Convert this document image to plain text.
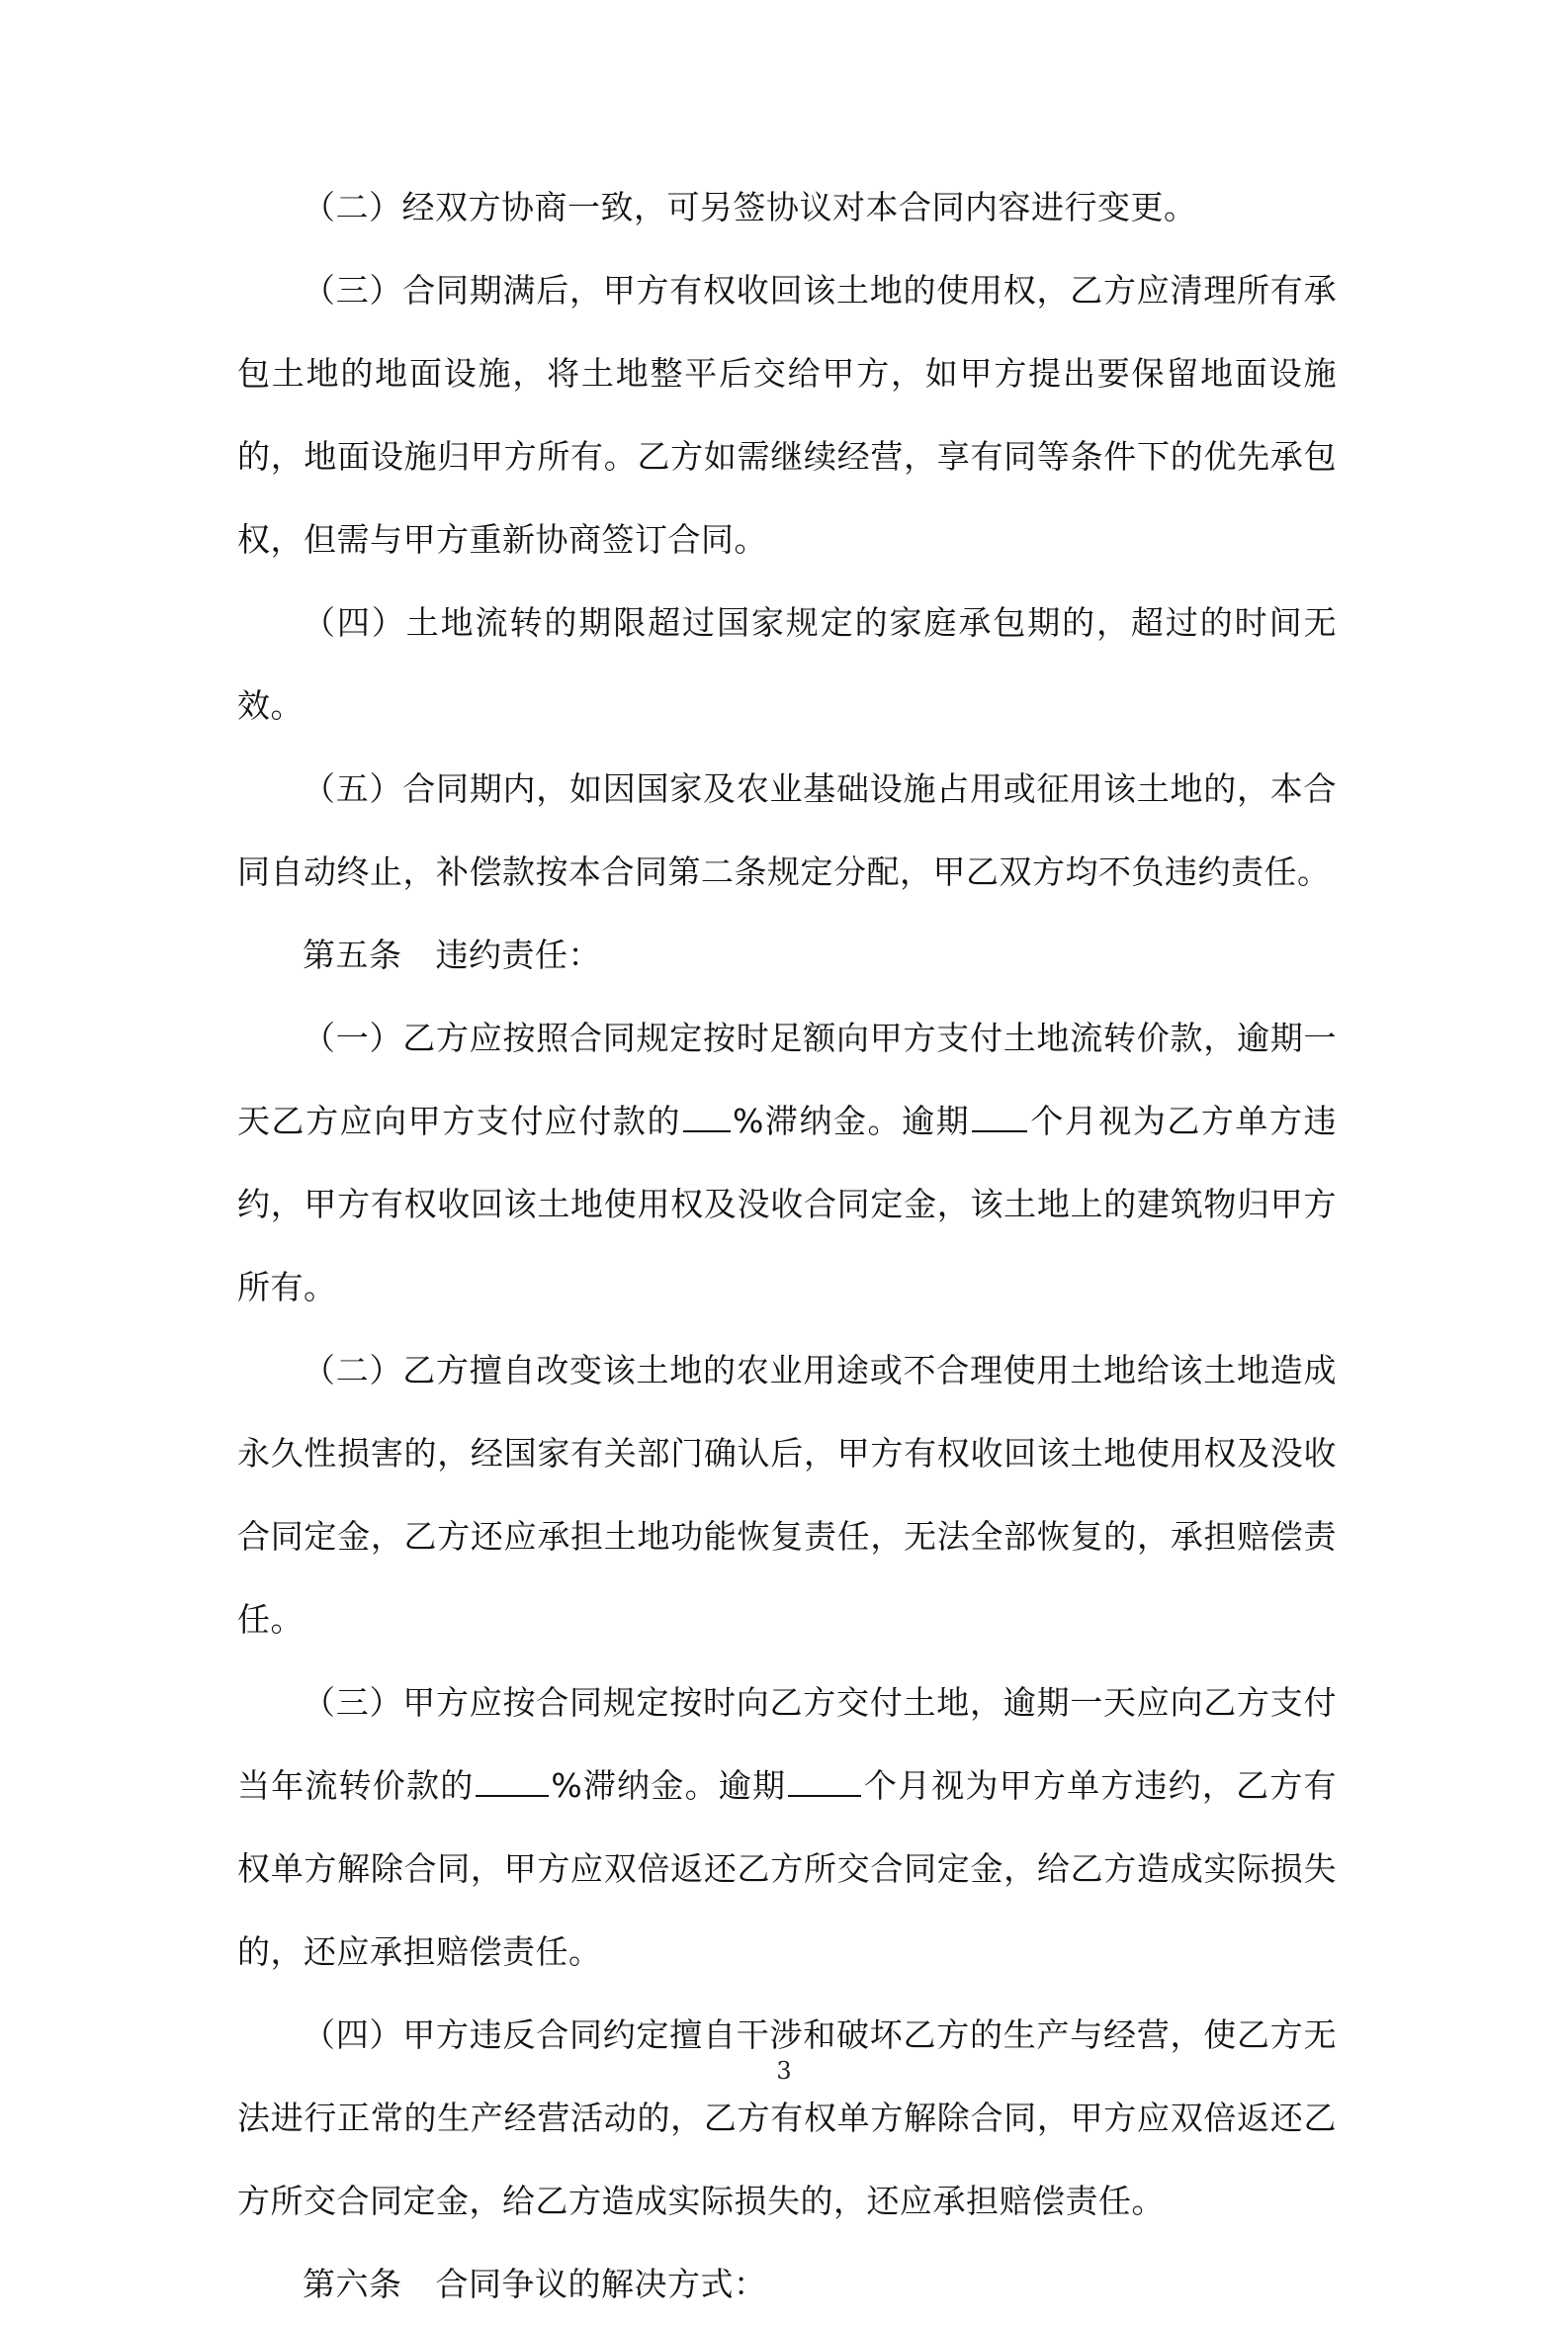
（二）经双方协商一致，可另签协议对本合同内容进行变更。

（三）合同期满后，甲方有权收回该土地的使用权，乙方应清理所有承包土地的地面设施，将土地整平后交给甲方，如甲方提出要保留地面设施的，地面设施归甲方所有。乙方如需继续经营，享有同等条件下的优先承包权，但需与甲方重新协商签订合同。

（四）土地流转的期限超过国家规定的家庭承包期的，超过的时间无效。

（五）合同期内，如因国家及农业基础设施占用或征用该土地的，本合同自动终止，补偿款按本合同第二条规定分配，甲乙双方均不负违约责任。

第五条 违约责任：

（一）乙方应按照合同规定按时足额向甲方支付土地流转价款，逾期一天乙方应向甲方支付应付款的 %滞纳金。逾期 个月视为乙方单方违约，甲方有权收回该土地使用权及没收合同定金，该土地上的建筑物归甲方所有。

（二）乙方擅自改变该土地的农业用途或不合理使用土地给该土地造成永久性损害的，经国家有关部门确认后，甲方有权收回该土地使用权及没收合同定金，乙方还应承担土地功能恢复责任，无法全部恢复的，承担赔偿责任。

（三）甲方应按合同规定按时向乙方交付土地，逾期一天应向乙方支付当年流转价款的 %滞纳金。逾期 个月视为甲方单方违约，乙方有权单方解除合同，甲方应双倍返还乙方所交合同定金，给乙方造成实际损失的，还应承担赔偿责任。

（四）甲方违反合同约定擅自干涉和破坏乙方的生产与经营，使乙方无法进行正常的生产经营活动的，乙方有权单方解除合同，甲方应双倍返还乙方所交合同定金，给乙方造成实际损失的，还应承担赔偿责任。

第六条 合同争议的解决方式：

3
